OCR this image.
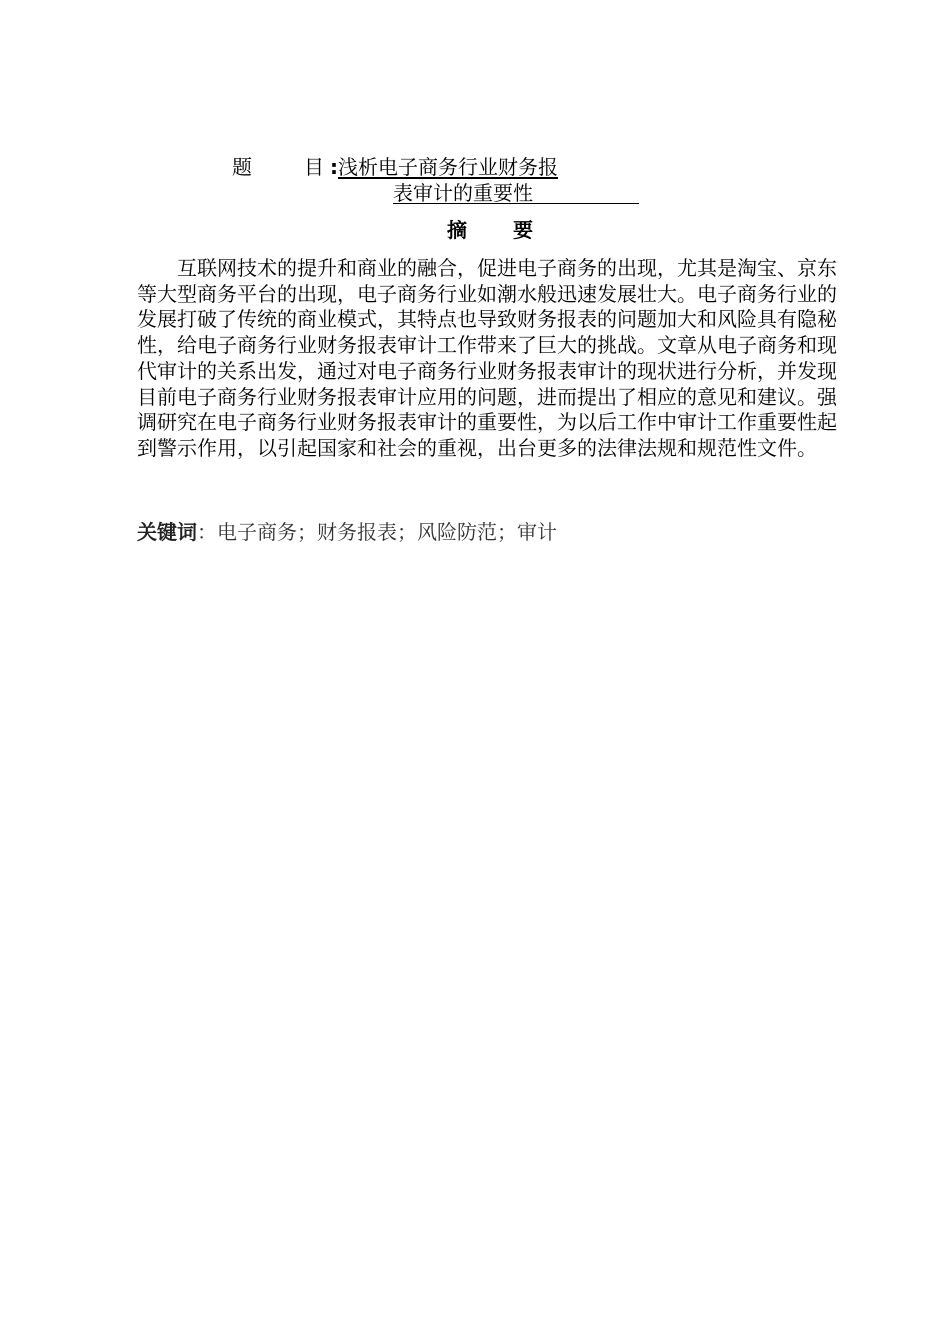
题	目 :浅析电子商务行业财务报
表审计的重要性
摘 要
互联网技术的提升和商业的融合，促进电子商务的出现，尤其是淘宝、京东等大型商务平台的出现，电子商务行业如潮水般迅速发展壮大。电子商务行业的发展打破了传统的商业模式，其特点也导致财务报表的问题加大和风险具有隐秘性，给电子商务行业财务报表审计工作带来了巨大的挑战。文章从电子商务和现代审计的关系出发，通过对电子商务行业财务报表审计的现状进行分析，并发现目前电子商务行业财务报表审计应用的问题，进而提出了相应的意见和建议。强调研究在电子商务行业财务报表审计的重要性，为以后工作中审计工作重要性起到警示作用，以引起国家和社会的重视，出台更多的法律法规和规范性文件。
关键词：电子商务；财务报表；风险防范；审计
